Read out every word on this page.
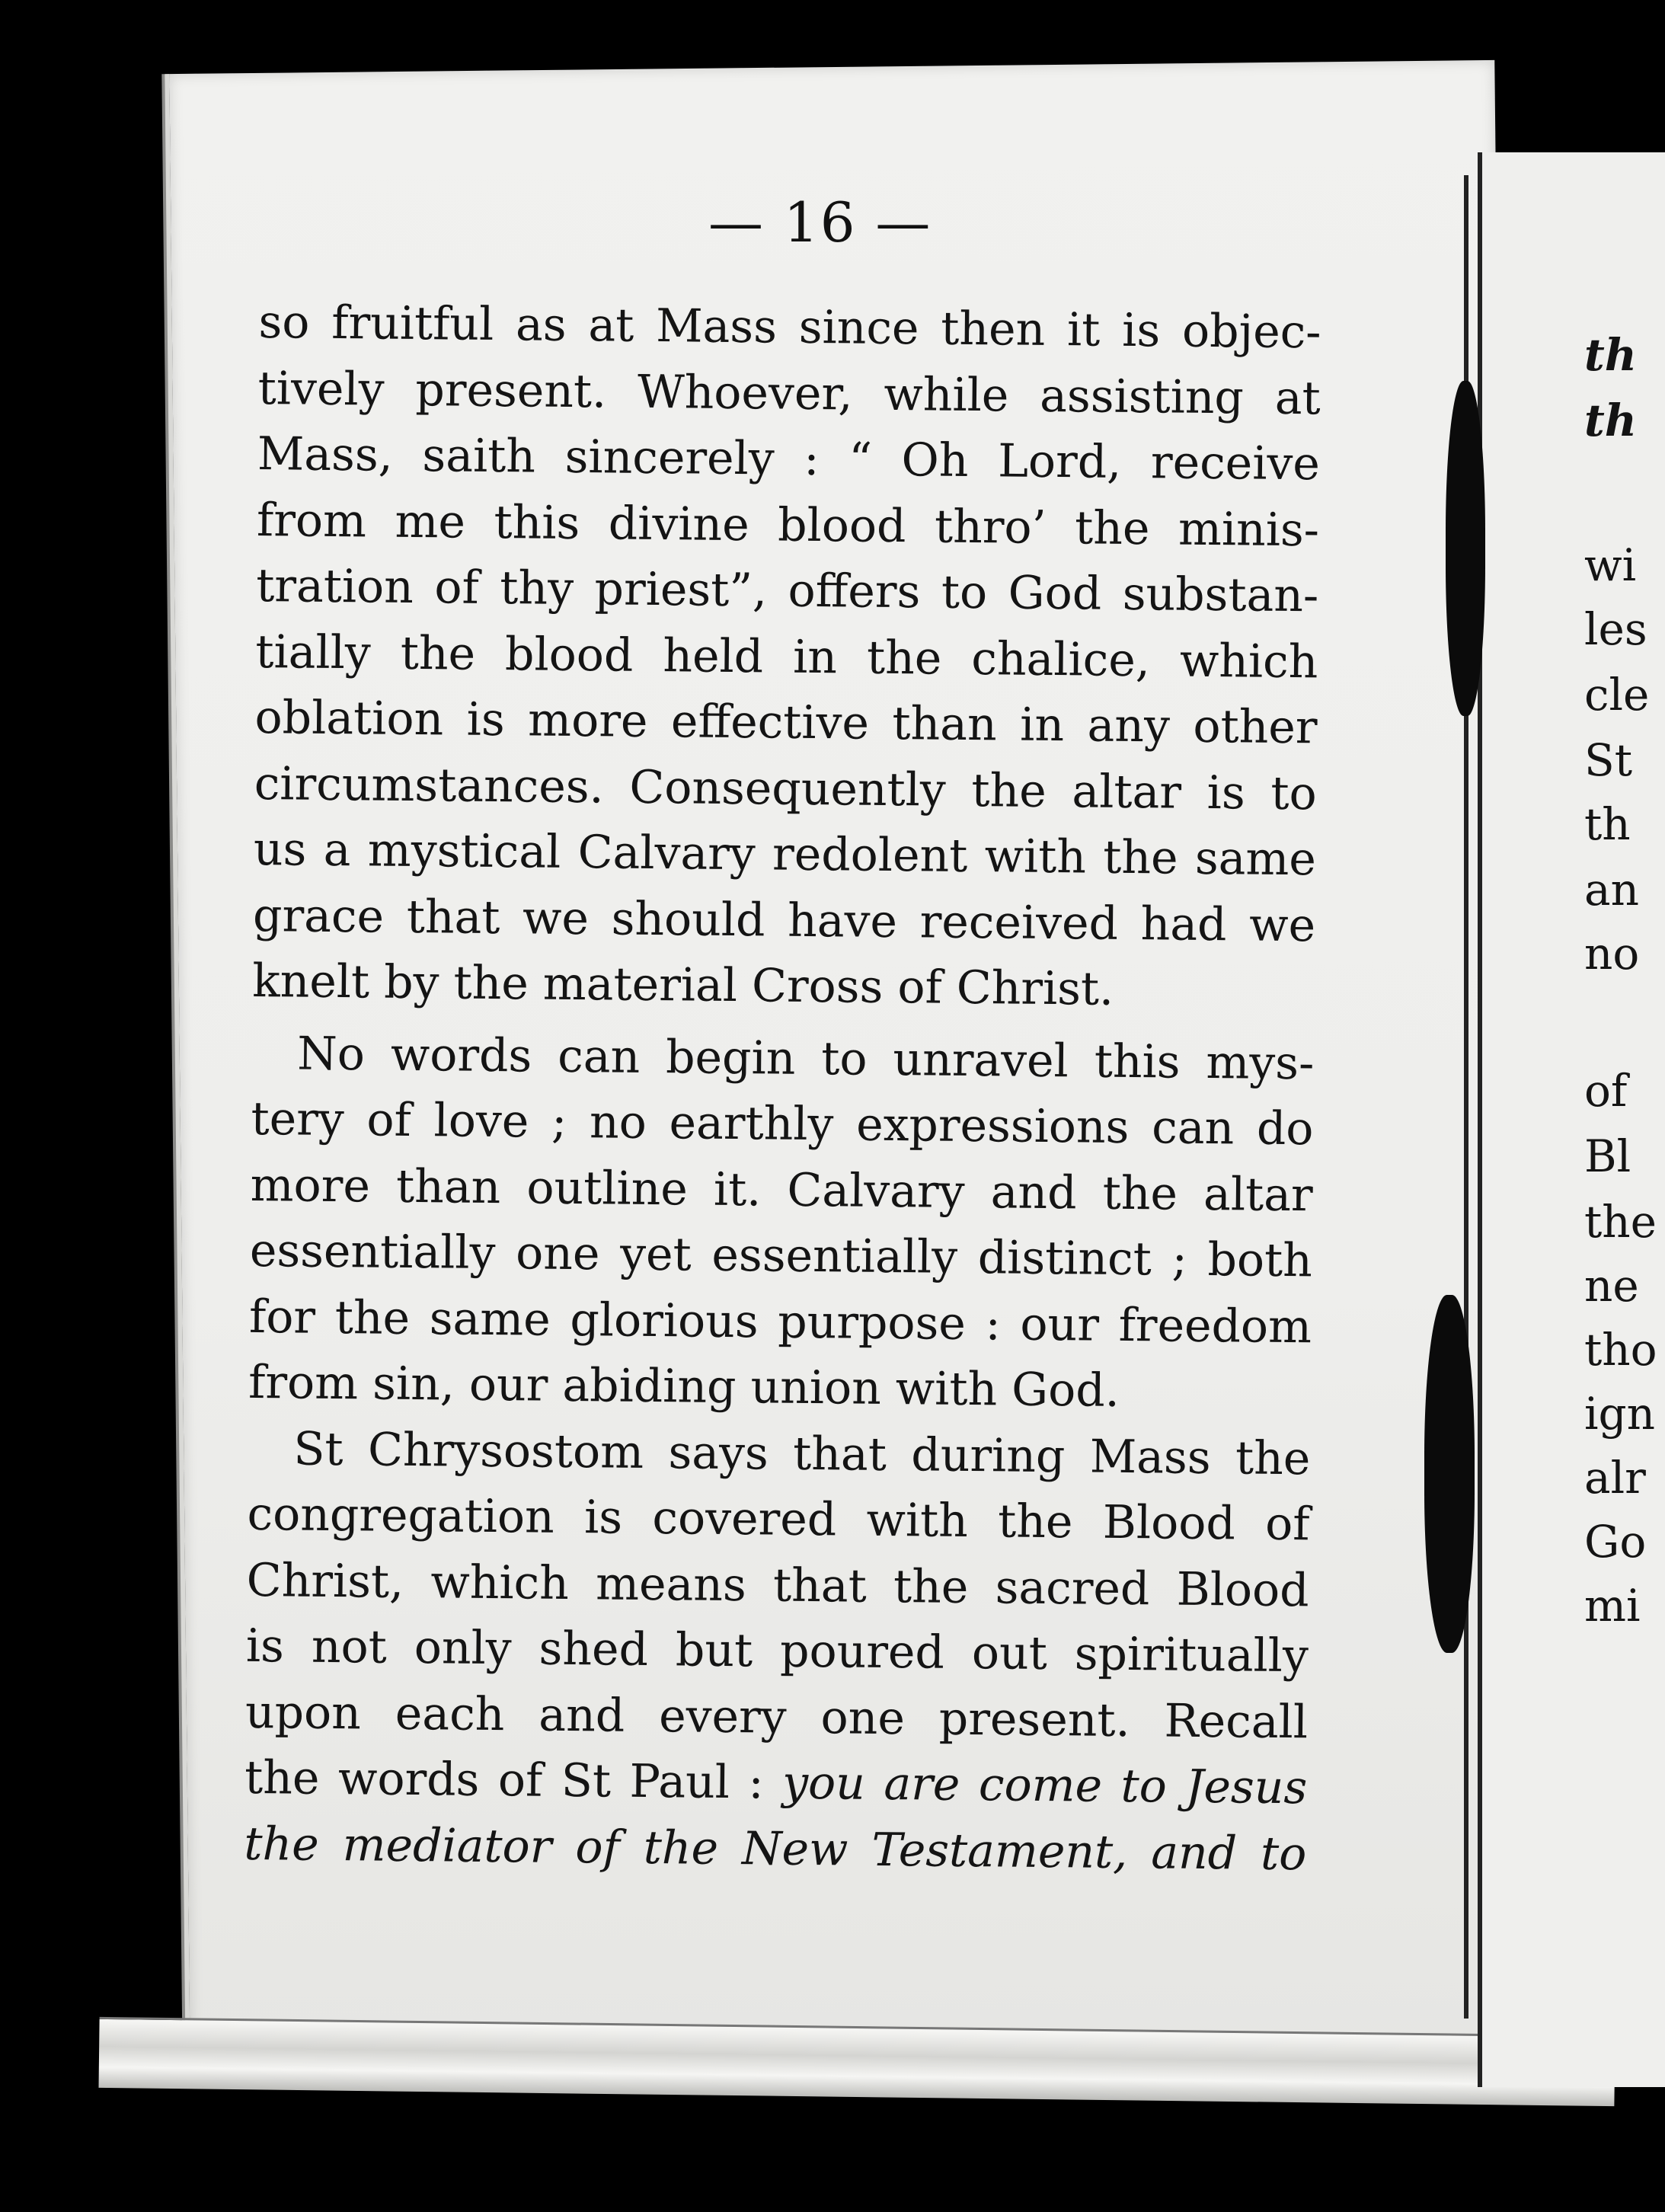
— 16 —
so fruitful as at Mass since then it is objec-
tively present. Whoever, while assisting at
Mass, saith sincerely : “ Oh Lord, receive
from me this divine blood thro’ the minis-
tration of thy priest”, offers to God substan-
tially the blood held in the chalice, which
oblation is more effective than in any other
circumstances. Consequently the altar is to
us a mystical Calvary redolent with the same
grace that we should have received had we
knelt by the material Cross of Christ.
No words can begin to unravel this mys-
tery of love ; no earthly expressions can do
more than outline it. Calvary and the altar
essentially one yet essentially distinct ; both
for the same glorious purpose : our freedom
from sin, our abiding union with God.
St Chrysostom says that during Mass the
congregation is covered with the Blood of
Christ, which means that the sacred Blood
is not only shed but poured out spiritually
upon each and every one present. Recall
the words of St Paul : you are come to Jesus
the mediator of the New Testament, and to
th
th
wi
les
cle
St
th
an
no
of
Bl
the
ne
tho
ign
alr
Go
mi
